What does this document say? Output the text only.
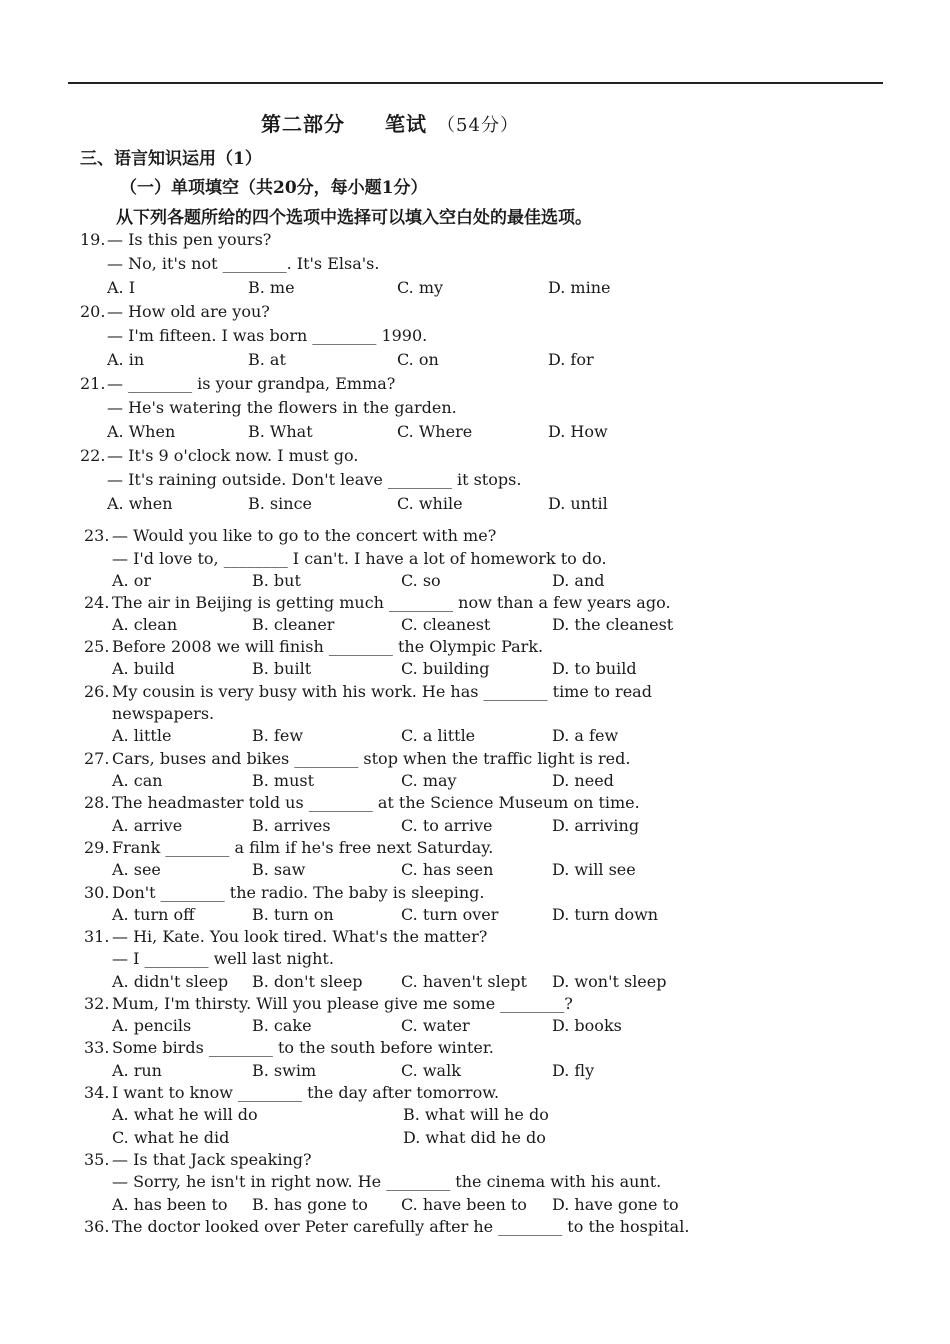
第二部分 笔试 （54分）
三、语言知识运用（1）
（一）单项填空（共20分，每小题1分）
从下列各题所给的四个选项中选择可以填入空白处的最佳选项。
19.— Is this pen yours?
— No, it's not ________. It's Elsa's.
A. I	B. me	C. my	D. mine
20.— How old are you?
— I'm fifteen. I was born ________ 1990.
A. in	B. at	C. on	D. for
21.— ________ is your grandpa, Emma?
— He's watering the flowers in the garden.
A. When	B. What	C. Where	D. How
22.— It's 9 o'clock now. I must go.
— It's raining outside. Don't leave ________ it stops.
A. when	B. since	C. while	D. until
23.— Would you like to go to the concert with me?
— I'd love to, ________ I can't. I have a lot of homework to do.
A. or	B. but	C. so	D. and
24.The air in Beijing is getting much ________ now than a few years ago.
A. clean	B. cleaner	C. cleanest	D. the cleanest
25.Before 2008 we will finish ________ the Olympic Park.
A. build	B. built	C. building	D. to build
26.My cousin is very busy with his work. He has ________ time to read
newspapers.
A. little	B. few	C. a little	D. a few
27.Cars, buses and bikes ________ stop when the traffic light is red.
A. can	B. must	C. may	D. need
28.The headmaster told us ________ at the Science Museum on time.
A. arrive	B. arrives	C. to arrive	D. arriving
29.Frank ________ a film if he's free next Saturday.
A. see	B. saw	C. has seen	D. will see
30.Don't ________ the radio. The baby is sleeping.
A. turn off	B. turn on	C. turn over	D. turn down
31.— Hi, Kate. You look tired. What's the matter?
— I ________ well last night.
A. didn't sleep B. don't sleep C. haven't slept D. won't sleep
32.Mum, I'm thirsty. Will you please give me some ________?
A. pencils	B. cake	C. water	D. books
33.Some birds ________ to the south before winter.
A. run	B. swim	C. walk	D. fly
34.I want to know ________ the day after tomorrow.
A. what he will do	B. what will he do
C. what he did	D. what did he do
35.— Is that Jack speaking?
— Sorry, he isn't in right now. He ________ the cinema with his aunt.
A. has been to B. has gone to C. have been to D. have gone to
36.The doctor looked over Peter carefully after he ________ to the hospital.
